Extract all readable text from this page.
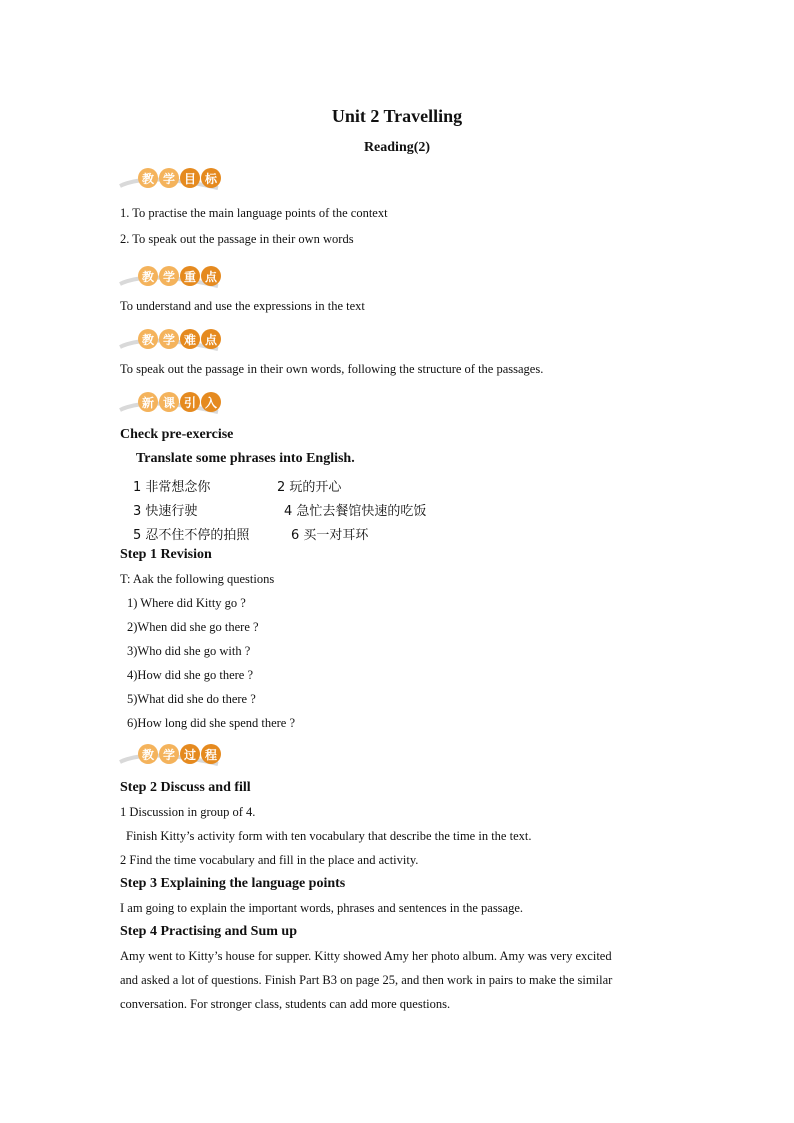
Unit 2 Travelling
Reading(2)
教 学 目 标
1. To practise the main language points of the context
2. To speak out the passage in their own words
教 学 重 点
To understand and use the expressions in the text
教 学 难 点
To speak out the passage in their own words, following the structure of the passages.
新 课 引 入
Check pre-exercise
Translate some phrases into English.
1 非常想念你	2 玩的开心
3 快速行驶	4 急忙去餐馆快速的吃饭
5 忍不住不停的拍照	6 买一对耳环
Step 1 Revision
T: Aak the following questions
1) Where did Kitty go ?
2)When did she go there ?
3)Who did she go with ?
4)How did she go there ?
5)What did she do there ?
6)How long did she spend there ?
教 学 过 程
Step 2 Discuss and fill
1 Discussion in group of 4.
Finish Kitty’s activity form with ten vocabulary that describe the time in the text.
2 Find the time vocabulary and fill in the place and activity.
Step 3 Explaining the language points
I am going to explain the important words, phrases and sentences in the passage.
Step 4 Practising and Sum up
Amy went to Kitty’s house for supper. Kitty showed Amy her photo album. Amy was very excited
and asked a lot of questions. Finish Part B3 on page 25, and then work in pairs to make the similar
conversation. For stronger class, students can add more questions.
